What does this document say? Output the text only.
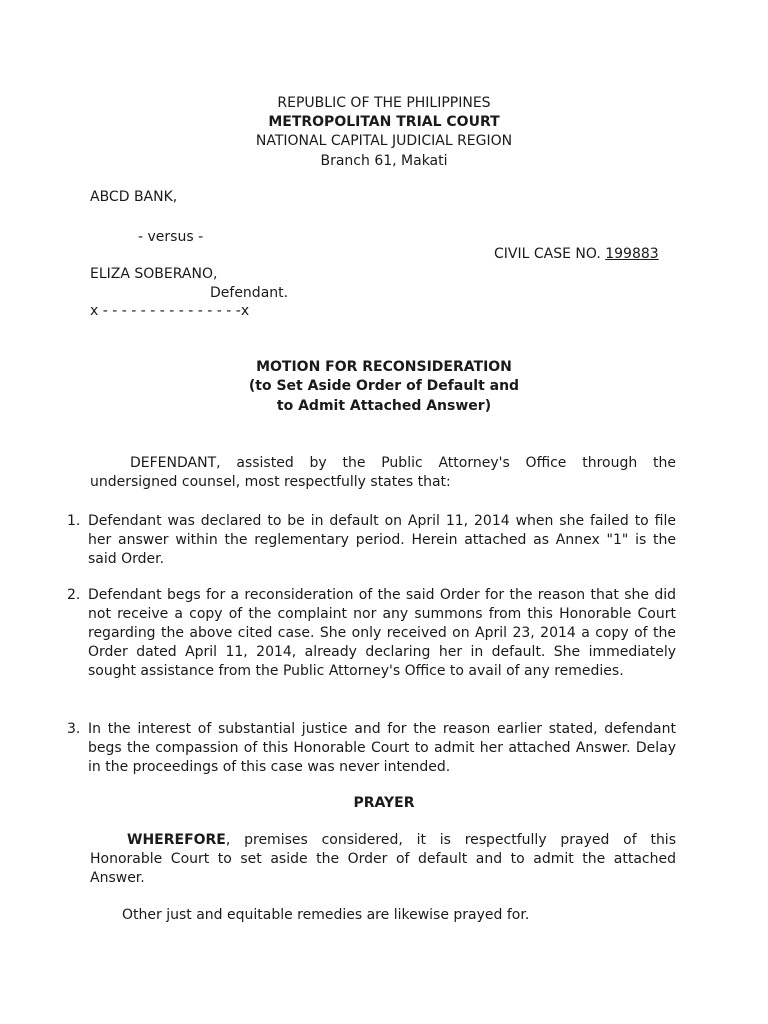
REPUBLIC OF THE PHILIPPINES
METROPOLITAN TRIAL COURT
NATIONAL CAPITAL JUDICIAL REGION
Branch 61, Makati
ABCD BANK,
- versus -
CIVIL CASE NO. 199883
ELIZA SOBERANO,
Defendant.
x - - - - - - - - - - - - - - -x
MOTION FOR RECONSIDERATION
(to Set Aside Order of Default and
to Admit Attached Answer)

DEFENDANT, assisted by the Public Attorney's Office through the undersigned counsel, most respectfully states that:

1. Defendant was declared to be in default on April 11, 2014 when she failed to file her answer within the reglementary period. Herein attached as Annex "1" is the said Order.

2. Defendant begs for a reconsideration of the said Order for the reason that she did not receive a copy of the complaint nor any summons from this Honorable Court regarding the above cited case. She only received on April 23, 2014 a copy of the Order dated April 11, 2014, already declaring her in default. She immediately sought assistance from the Public Attorney's Office to avail of any remedies.

3. In the interest of substantial justice and for the reason earlier stated, defendant begs the compassion of this Honorable Court to admit her attached Answer. Delay in the proceedings of this case was never intended.

PRAYER

WHEREFORE, premises considered, it is respectfully prayed of this Honorable Court to set aside the Order of default and to admit the attached Answer.

Other just and equitable remedies are likewise prayed for.
